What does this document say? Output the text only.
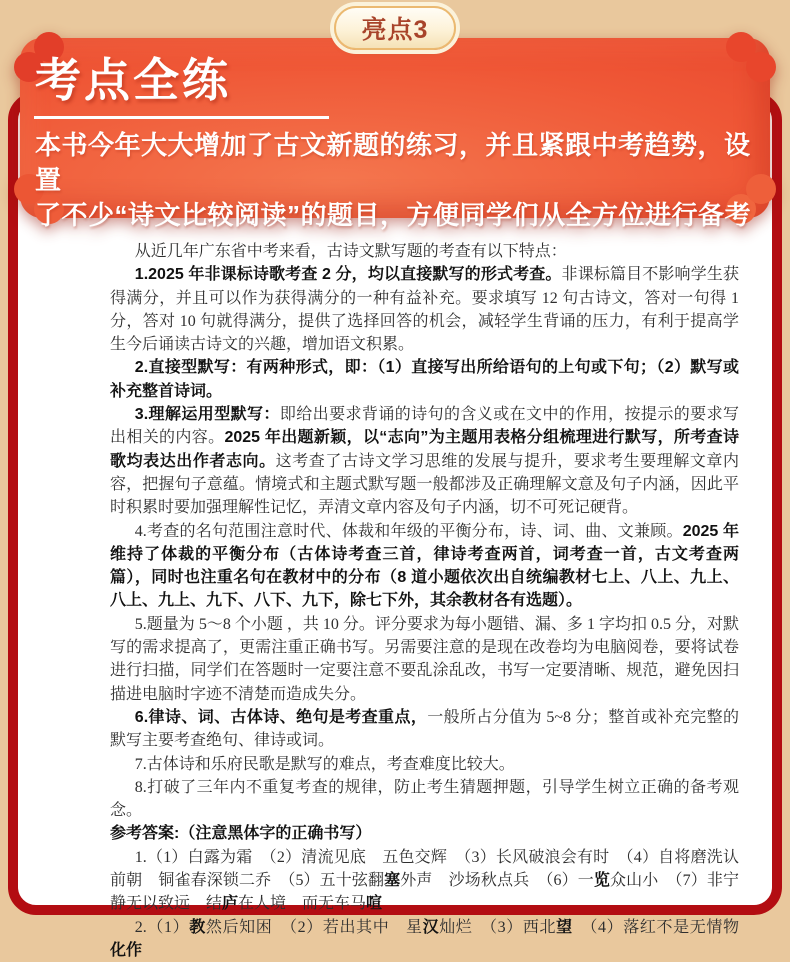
从近几年广东省中考来看，古诗文默写题的考查有以下特点：

1.2025 年非课标诗歌考查 2 分，均以直接默写的形式考查。非课标篇目不影响学生获得满分，并且可以作为获得满分的一种有益补充。要求填写 12 句古诗文，答对一句得 1 分，答对 10 句就得满分，提供了选择回答的机会，减轻学生背诵的压力，有利于提高学生今后诵读古诗文的兴趣，增加语文积累。

2.直接型默写：有两种形式，即：（1）直接写出所给语句的上句或下句；（2）默写或补充整首诗词。

3.理解运用型默写：即给出要求背诵的诗句的含义或在文中的作用，按提示的要求写出相关的内容。2025 年出题新颖，以“志向”为主题用表格分组梳理进行默写，所考查诗歌均表达出作者志向。这考查了古诗文学习思维的发展与提升，要求考生要理解文章内容，把握句子意蕴。情境式和主题式默写题一般都涉及正确理解文意及句子内涵，因此平时积累时要加强理解性记忆，弄清文章内容及句子内涵，切不可死记硬背。

4.考查的名句范围注意时代、体裁和年级的平衡分布，诗、词、曲、文兼顾。2025 年维持了体裁的平衡分布（古体诗考查三首，律诗考查两首，词考查一首，古文考查两篇），同时也注重名句在教材中的分布（8 道小题依次出自统编教材七上、八上、九上、八上、九上、九下、八下、九下，除七下外，其余教材各有选题）。

5.题量为 5～8 个小题 ，共 10 分。评分要求为每小题错、漏、多 1 字均扣 0.5 分，对默写的需求提高了，更需注重正确书写。另需要注意的是现在改卷均为电脑阅卷，要将试卷进行扫描，同学们在答题时一定要注意不要乱涂乱改，书写一定要清晰、规范，避免因扫描进电脑时字迹不清楚而造成失分。

6.律诗、词、古体诗、绝句是考查重点，一般所占分值为 5~8 分；整首或补充完整的默写主要考查绝句、律诗或词。

7.古体诗和乐府民歌是默写的难点，考查难度比较大。

8.打破了三年内不重复考查的规律，防止考生猜题押题，引导学生树立正确的备考观念。

参考答案:（注意黑体字的正确书写）

1.（1）白露为霜　（2）清流见底　五色交辉　（3）长风破浪会有时　（4）自将磨洗认前朝　铜雀春深锁二乔　（5）五十弦翻塞外声　沙场秋点兵　（6）一览众山小　（7）非宁静无以致远　结庐在人境　而无车马喧

2.（1）教然后知困　（2）若出其中　星汉灿烂　（3）西北望　（4）落红不是无情物　化作

考点全练

本书今年大大增加了古文新题的练习，并且紧跟中考趋势，设置
了不少“诗文比较阅读”的题目，方便同学们从全方位进行备考

亮点3
